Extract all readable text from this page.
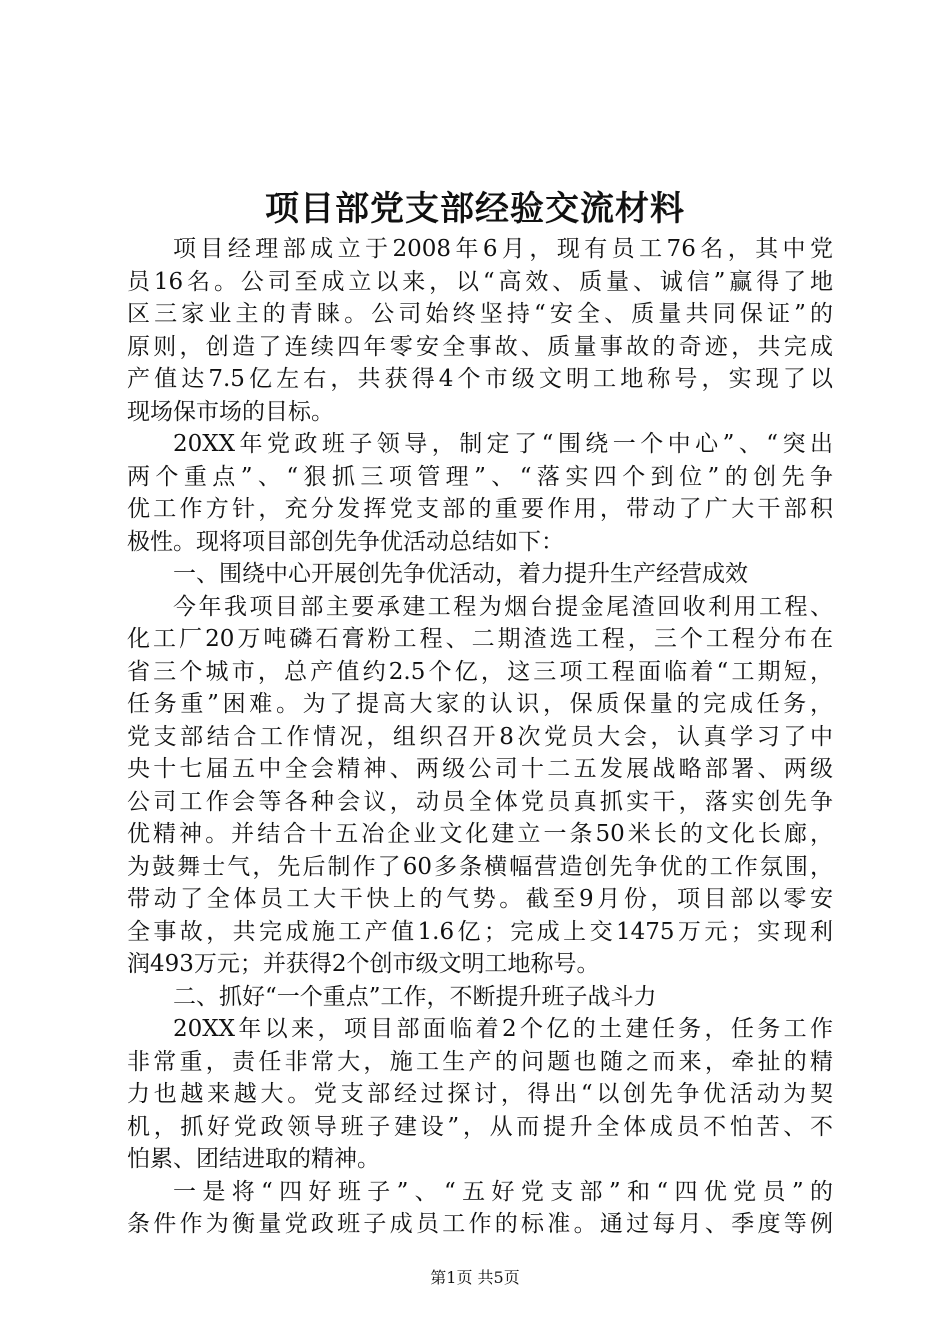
项目部党支部经验交流材料
项目经理部成立于2008年6月，现有员工76名，其中党
员16名。公司至成立以来，以“高效、质量、诚信”赢得了地
区三家业主的青睐。公司始终坚持“安全、质量共同保证”的
原则，创造了连续四年零安全事故、质量事故的奇迹，共完成
产值达7.5亿左右，共获得4个市级文明工地称号，实现了以
现场保市场的目标。
20XX年党政班子领导，制定了“围绕一个中心”、“突出
两个重点”、“狠抓三项管理”、“落实四个到位”的创先争
优工作方针，充分发挥党支部的重要作用，带动了广大干部积
极性。现将项目部创先争优活动总结如下：
一、围绕中心开展创先争优活动，着力提升生产经营成效
今年我项目部主要承建工程为烟台提金尾渣回收利用工程、
化工厂20万吨磷石膏粉工程、二期渣选工程，三个工程分布在
省三个城市，总产值约2.5个亿，这三项工程面临着“工期短，
任务重”困难。为了提高大家的认识，保质保量的完成任务，
党支部结合工作情况，组织召开8次党员大会，认真学习了中
央十七届五中全会精神、两级公司十二五发展战略部署、两级
公司工作会等各种会议，动员全体党员真抓实干，落实创先争
优精神。并结合十五冶企业文化建立一条50米长的文化长廊，
为鼓舞士气，先后制作了60多条横幅营造创先争优的工作氛围，
带动了全体员工大干快上的气势。截至9月份，项目部以零安
全事故，共完成施工产值1.6亿；完成上交1475万元；实现利
润493万元；并获得2个创市级文明工地称号。
二、抓好“一个重点”工作，不断提升班子战斗力
20XX年以来，项目部面临着2个亿的土建任务，任务工作
非常重，责任非常大，施工生产的问题也随之而来，牵扯的精
力也越来越大。党支部经过探讨，得出“以创先争优活动为契
机，抓好党政领导班子建设”，从而提升全体成员不怕苦、不
怕累、团结进取的精神。
一是将“四好班子”、“五好党支部”和“四优党员”的
条件作为衡量党政班子成员工作的标准。通过每月、季度等例
第1页 共5页
